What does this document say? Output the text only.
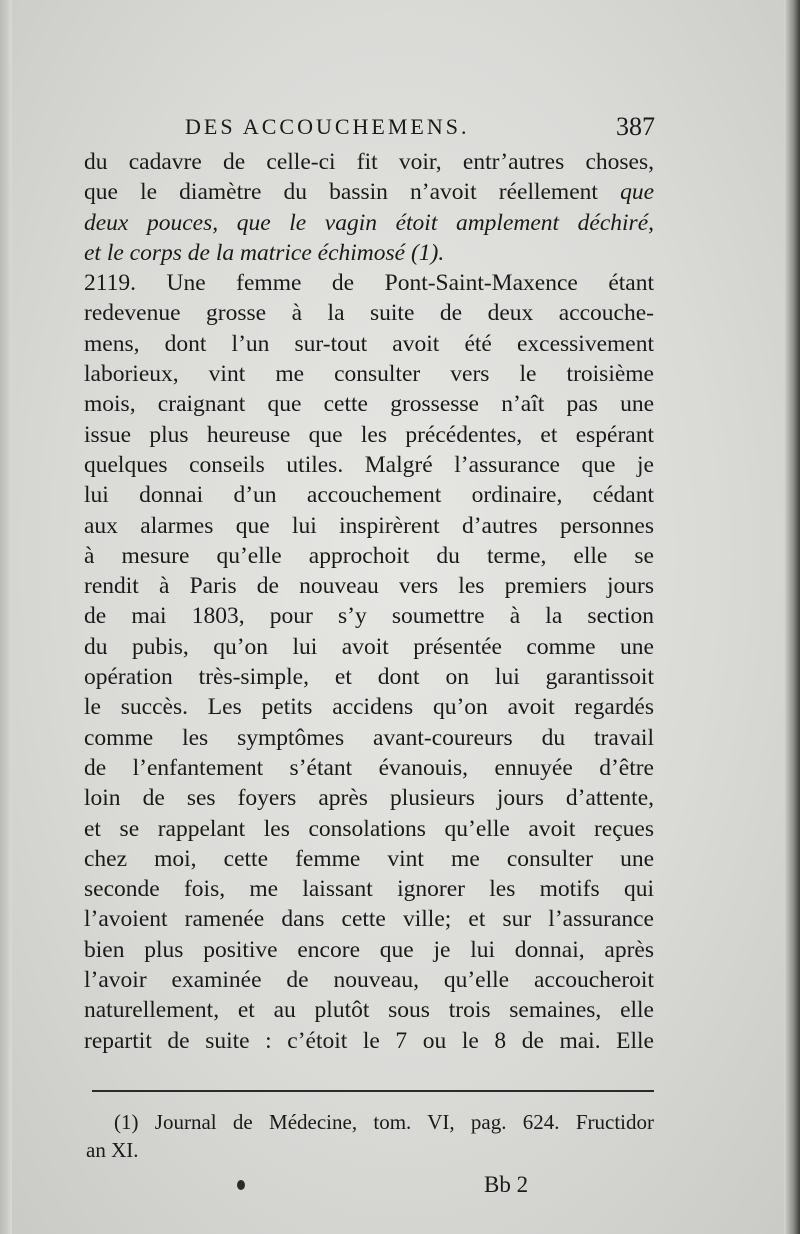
DES ACCOUCHEMENS.	387
du cadavre de celle-ci fit voir, entr’autres choses,
que le diamètre du bassin n’avoit réellement que
deux pouces, que le vagin étoit amplement déchiré,
et le corps de la matrice échimosé (1).
2119. Une femme de Pont-Saint-Maxence étant
redevenue grosse à la suite de deux accouche-
mens, dont l’un sur-tout avoit été excessivement
laborieux, vint me consulter vers le troisième
mois, craignant que cette grossesse n’aît pas une
issue plus heureuse que les précédentes, et espérant
quelques conseils utiles. Malgré l’assurance que je
lui donnai d’un accouchement ordinaire, cédant
aux alarmes que lui inspirèrent d’autres personnes
à mesure qu’elle approchoit du terme, elle se
rendit à Paris de nouveau vers les premiers jours
de mai 1803, pour s’y soumettre à la section
du pubis, qu’on lui avoit présentée comme une
opération très-simple, et dont on lui garantissoit
le succès. Les petits accidens qu’on avoit regardés
comme les symptômes avant-coureurs du travail
de l’enfantement s’étant évanouis, ennuyée d’être
loin de ses foyers après plusieurs jours d’attente,
et se rappelant les consolations qu’elle avoit reçues
chez moi, cette femme vint me consulter une
seconde fois, me laissant ignorer les motifs qui
l’avoient ramenée dans cette ville; et sur l’assurance
bien plus positive encore que je lui donnai, après
l’avoir examinée de nouveau, qu’elle accoucheroit
naturellement, et au plutôt sous trois semaines, elle
repartit de suite : c’étoit le 7 ou le 8 de mai. Elle
(1) Journal de Médecine, tom. VI, pag. 624. Fructidor
an XI.
Bb 2
